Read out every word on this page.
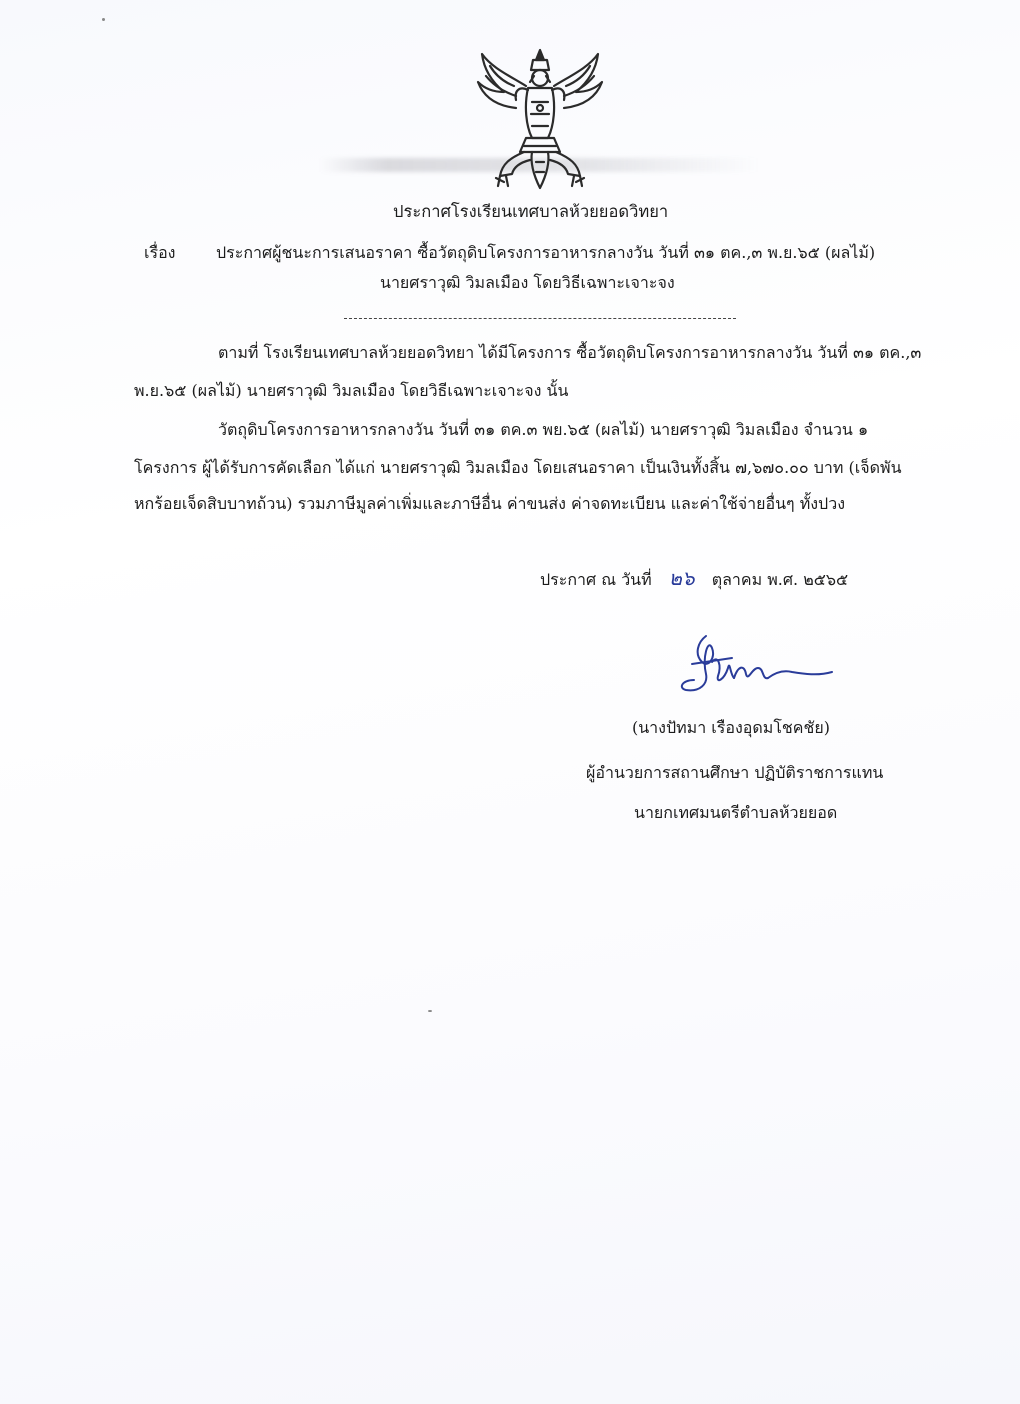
ประกาศโรงเรียนเทศบาลห้วยยอดวิทยา
เรื่อง	ประกาศผู้ชนะการเสนอราคา ซื้อวัตถุดิบโครงการอาหารกลางวัน วันที่ ๓๑ ตค.,๓ พ.ย.๖๕ (ผลไม้)
นายศราวุฒิ วิมลเมือง โดยวิธีเฉพาะเจาะจง
ตามที่ โรงเรียนเทศบาลห้วยยอดวิทยา ได้มีโครงการ ซื้อวัตถุดิบโครงการอาหารกลางวัน วันที่ ๓๑ ตค.,๓
พ.ย.๖๕ (ผลไม้) นายศราวุฒิ วิมลเมือง โดยวิธีเฉพาะเจาะจง นั้น
วัตถุดิบโครงการอาหารกลางวัน วันที่ ๓๑ ตค.๓ พย.๖๕ (ผลไม้) นายศราวุฒิ วิมลเมือง จำนวน ๑
โครงการ ผู้ได้รับการคัดเลือก ได้แก่ นายศราวุฒิ วิมลเมือง โดยเสนอราคา เป็นเงินทั้งสิ้น ๗,๖๗๐.๐๐ บาท (เจ็ดพัน
หกร้อยเจ็ดสิบบาทถ้วน) รวมภาษีมูลค่าเพิ่มและภาษีอื่น ค่าขนส่ง ค่าจดทะเบียน และค่าใช้จ่ายอื่นๆ ทั้งปวง
ประกาศ ณ วันที่ ๒๖ ตุลาคม พ.ศ. ๒๕๖๕
(นางปัทมา เรืองอุดมโชคชัย)
ผู้อำนวยการสถานศึกษา ปฏิบัติราชการแทน
นายกเทศมนตรีตำบลห้วยยอด
